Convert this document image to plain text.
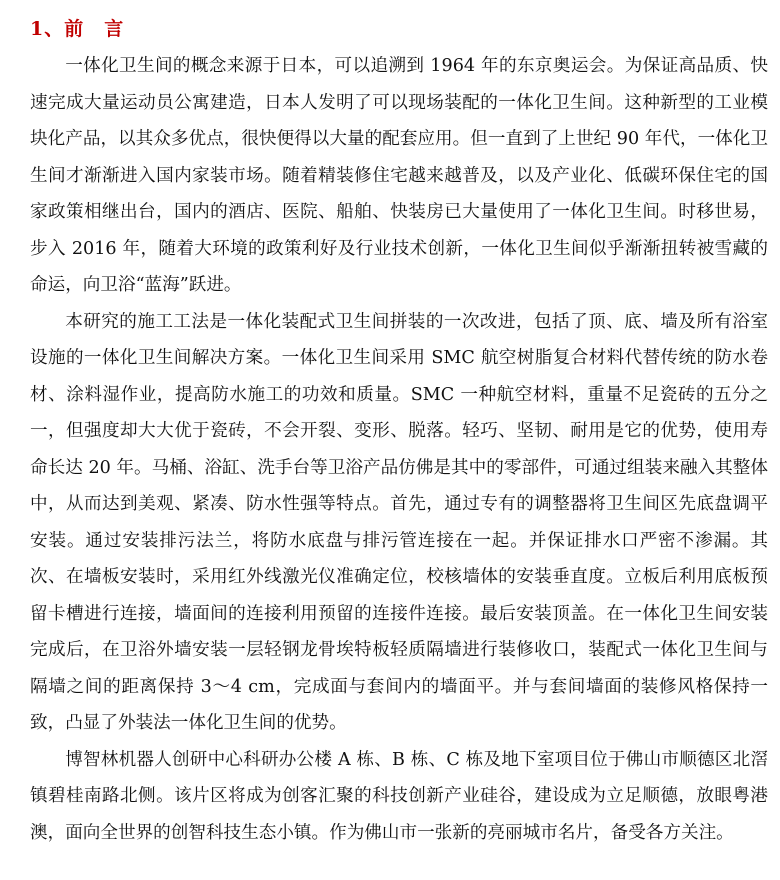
1、前　言

一体化卫生间的概念来源于日本，可以追溯到 1964 年的东京奥运会。为保证高品质、快速完成大量运动员公寓建造，日本人发明了可以现场装配的一体化卫生间。这种新型的工业模块化产品，以其众多优点，很快便得以大量的配套应用。但一直到了上世纪 90 年代，一体化卫生间才渐渐进入国内家装市场。随着精装修住宅越来越普及，以及产业化、低碳环保住宅的国家政策相继出台，国内的酒店、医院、船舶、快装房已大量使用了一体化卫生间。时移世易，步入 2016 年，随着大环境的政策利好及行业技术创新，一体化卫生间似乎渐渐扭转被雪藏的命运，向卫浴“蓝海”跃进。

本研究的施工工法是一体化装配式卫生间拼装的一次改进，包括了顶、底、墙及所有浴室设施的一体化卫生间解决方案。一体化卫生间采用 SMC 航空树脂复合材料代替传统的防水卷材、涂料湿作业，提高防水施工的功效和质量。SMC 一种航空材料，重量不足瓷砖的五分之一，但强度却大大优于瓷砖，不会开裂、变形、脱落。轻巧、坚韧、耐用是它的优势，使用寿命长达 20 年。马桶、浴缸、洗手台等卫浴产品仿佛是其中的零部件，可通过组装来融入其整体中，从而达到美观、紧凑、防水性强等特点。首先，通过专有的调整器将卫生间区先底盘调平安装。通过安装排污法兰，将防水底盘与排污管连接在一起。并保证排水口严密不渗漏。其次、在墙板安装时，采用红外线激光仪准确定位，校核墙体的安装垂直度。立板后利用底板预留卡槽进行连接，墙面间的连接利用预留的连接件连接。最后安装顶盖。在一体化卫生间安装完成后，在卫浴外墙安装一层轻钢龙骨埃特板轻质隔墙进行装修收口，装配式一体化卫生间与隔墙之间的距离保持 3～4 cm，完成面与套间内的墙面平。并与套间墙面的装修风格保持一致，凸显了外装法一体化卫生间的优势。

博智林机器人创研中心科研办公楼 A 栋、B 栋、C 栋及地下室项目位于佛山市顺德区北滘镇碧桂南路北侧。该片区将成为创客汇聚的科技创新产业硅谷，建设成为立足顺德，放眼粤港澳，面向全世界的创智科技生态小镇。作为佛山市一张新的亮丽城市名片，备受各方关注。
